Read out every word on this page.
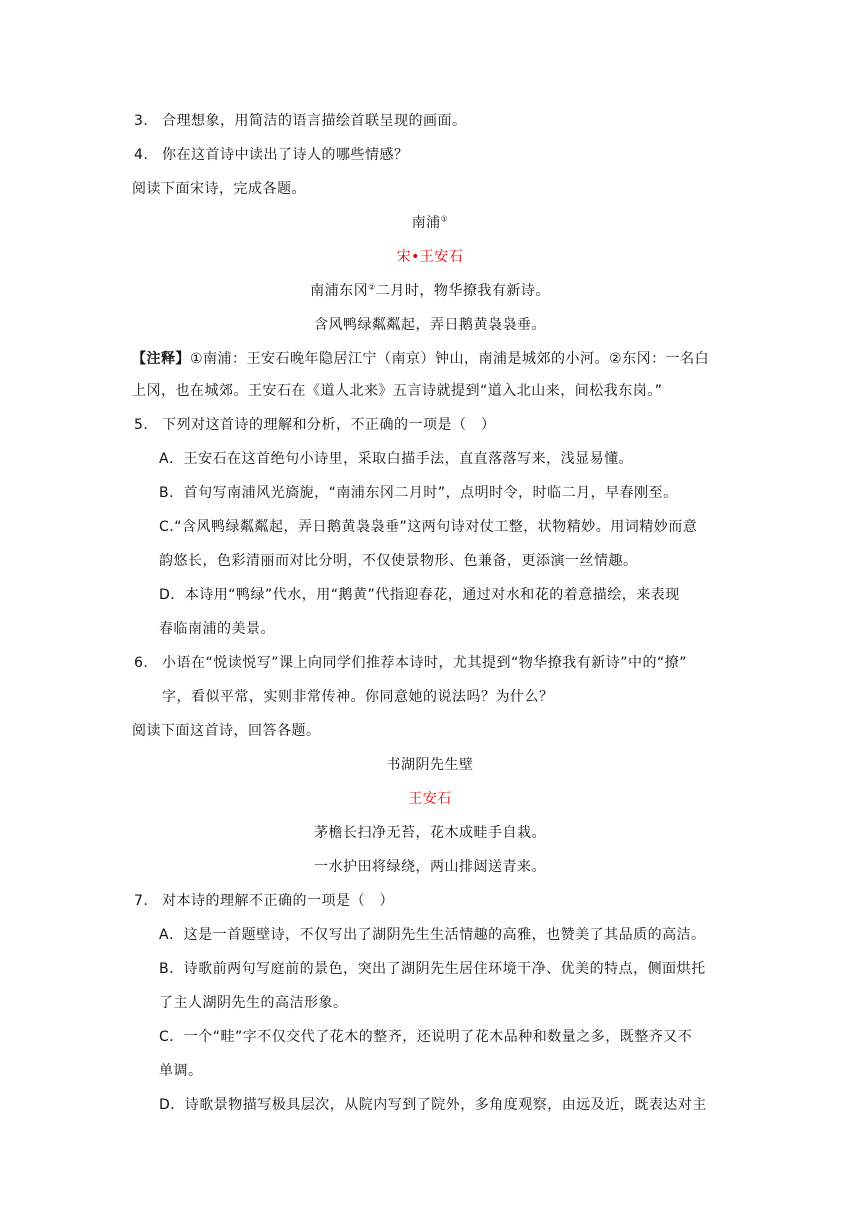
3. 合理想象，用简洁的语言描绘首联呈现的画面。
4. 你在这首诗中读出了诗人的哪些情感？
阅读下面宋诗，完成各题。
南浦①
宋•王安石
南浦东冈②二月时，物华撩我有新诗。
含风鸭绿粼粼起，弄日鹅黄袅袅垂。
【注释】①南浦：王安石晚年隐居江宁（南京）钟山，南浦是城郊的小河。②东冈：一名白
上冈，也在城郊。王安石在《道人北来》五言诗就提到“道入北山来，间松我东岗。”
5. 下列对这首诗的理解和分析，不正确的一项是（　）
A．王安石在这首绝句小诗里，采取白描手法，直直落落写来，浅显易懂。
B．首句写南浦风光旖旎，“南浦东冈二月时”，点明时令，时临二月，早春刚至。
C.“含风鸭绿粼粼起，弄日鹅黄袅袅垂”这两句诗对仗工整，状物精妙。用词精妙而意
韵悠长，色彩清丽而对比分明，不仅使景物形、色兼备，更添演一丝情趣。
D．本诗用“鸭绿”代水，用“鹅黄”代指迎春花，通过对水和花的着意描绘，来表现
春临南浦的美景。
6. 小语在“悦读悦写”课上向同学们推荐本诗时，尤其提到“物华撩我有新诗”中的“撩”
字，看似平常，实则非常传神。你同意她的说法吗？为什么？
阅读下面这首诗，回答各题。
书湖阴先生壁
王安石
茅檐长扫净无苔，花木成畦手自栽。
一水护田将绿绕，两山排闼送青来。
7. 对本诗的理解不正确的一项是（　）
A．这是一首题壁诗，不仅写出了湖阴先生生活情趣的高雅，也赞美了其品质的高洁。
B．诗歌前两句写庭前的景色，突出了湖阴先生居住环境干净、优美的特点，侧面烘托
了主人湖阴先生的高洁形象。
C．一个“畦”字不仅交代了花木的整齐，还说明了花木品种和数量之多，既整齐又不
单调。
D．诗歌景物描写极具层次，从院内写到了院外，多角度观察，由远及近，既表达对主
